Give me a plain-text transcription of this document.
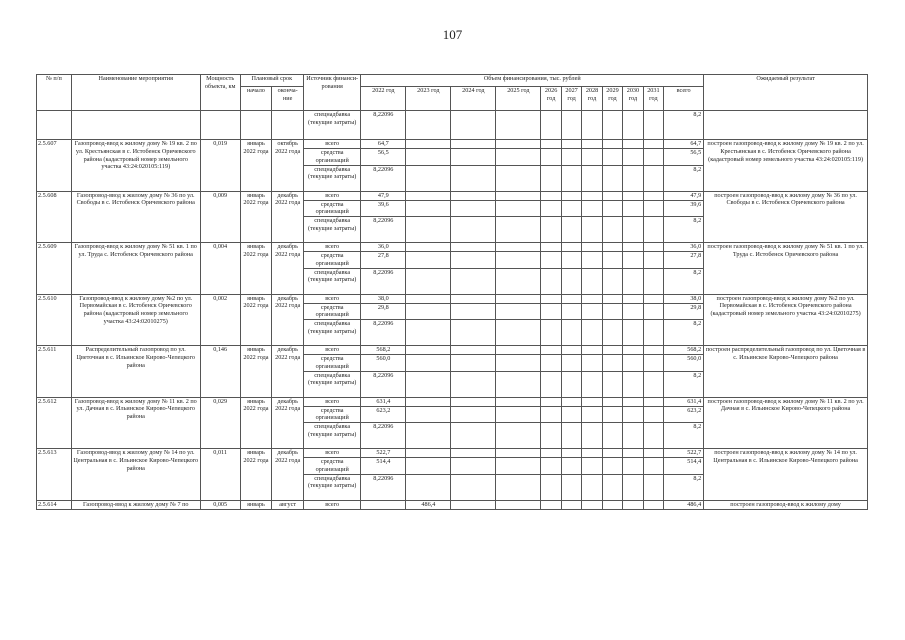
107
№ п/п	Наименование мероприятия	Мощность объекта, км	Плановый срок		Источник финанси-рования	Объем финансирования, тыс. рублей											Ожидаемый результат
			начало	оконча-ние		2022 год	2023 год	2024 год	2025 год	2026 год	2027 год	2028 год	2029 год	2030 год	2031 год	всего	

					спецнадбавка (текущие затраты)	8,22096										8,2	
2.5.607	Газопровод-ввод к жилому дому № 19 кв. 2 по ул. Крестьянская в с. Истобенск Оричевского района (кадастровый номер земельного участка 43:24:020105:119)	0,019	январь 2022 года	октябрь 2022 года	всего	64,7										64,7	построен газопровод-ввод к жилому дому № 19 кв. 2 по ул. Крестьянская в с. Истобенск Оричевского района (кадастровый номер земельного участка 43:24:020105:119)
					средства организаций	56,5										56,5	
					спецнадбавка (текущие затраты)	8,22096										8,2	
2.5.608	Газопровод-ввод к жилому дому № 36 по ул. Свободы в с. Истобенск Оричевского района	0,009	январь 2022 года	декабрь 2022 года	всего	47,9										47,9	построен газопровод-ввод к жилому дому № 36 по ул. Свободы в с. Истобенск Оричевского района
					средства организаций	39,6										39,6	
					спецнадбавка (текущие затраты)	8,22096										8,2	
2.5.609	Газопровод-ввод к жилому дому № 51 кв. 1 по ул. Труда с. Истобенск Оричевского района	0,004	январь 2022 года	декабрь 2022 года	всего	36,0										36,0	построен газопровод-ввод к жилому дому № 51 кв. 1 по ул. Труда с. Истобенск Оричевского района
					средства организаций	27,8										27,8	
					спецнадбавка (текущие затраты)	8,22096										8,2	
2.5.610	Газопровод-ввод к жилому дому №2 по ул. Первомайская в с. Истобенск Оричевского района (кадастровый номер земельного участка 43:24:02010275)	0,002	январь 2022 года	декабрь 2022 года	всего	38,0										38,0	построен газопровод-ввод к жилому дому №2 по ул. Первомайская в с. Истобенск Оричевского района (кадастровый номер земельного участка 43:24:02010275)
					средства организаций	29,8										29,8	
					спецнадбавка (текущие затраты)	8,22096										8,2	
2.5.611	Распределительный газопровод по ул. Цветочная в с. Ильинское Кирово-Чепецкого района	0,146	январь 2022 года	декабрь 2022 года	всего	568,2										568,2	построен распределительный газопровод по ул. Цветочная в с. Ильинское Кирово-Чепецкого района
					средства организаций	560,0										560,0	
					спецнадбавка (текущие затраты)	8,22096										8,2	
2.5.612	Газопровод-ввод к жилому дому № 11 кв. 2 по ул. Дачная в с. Ильинское Кирово-Чепецкого района	0,029	январь 2022 года	декабрь 2022 года	всего	631,4										631,4	построен газопровод-ввод к жилому дому № 11 кв. 2 по ул. Дачная в с. Ильинское Кирово-Чепецкого района
					средства организаций	623,2										623,2	
					спецнадбавка (текущие затраты)	8,22096										8,2	
2.5.613	Газопровод-ввод к жилому дому № 14 по ул. Центральная в с. Ильинское Кирово-Чепецкого района	0,011	январь 2022 года	декабрь 2022 года	всего	522,7										522,7	построен газопровод-ввод к жилому дому № 14 по ул. Центральная в с. Ильинское Кирово-Чепецкого района
					средства организаций	514,4										514,4	
					спецнадбавка (текущие затраты)	8,22096										8,2	
2.5.614	Газопровод-ввод к жилому дому № 7 по	0,005	январь	август	всего		486,4									486,4	построен газопровод-ввод к жилому дому
